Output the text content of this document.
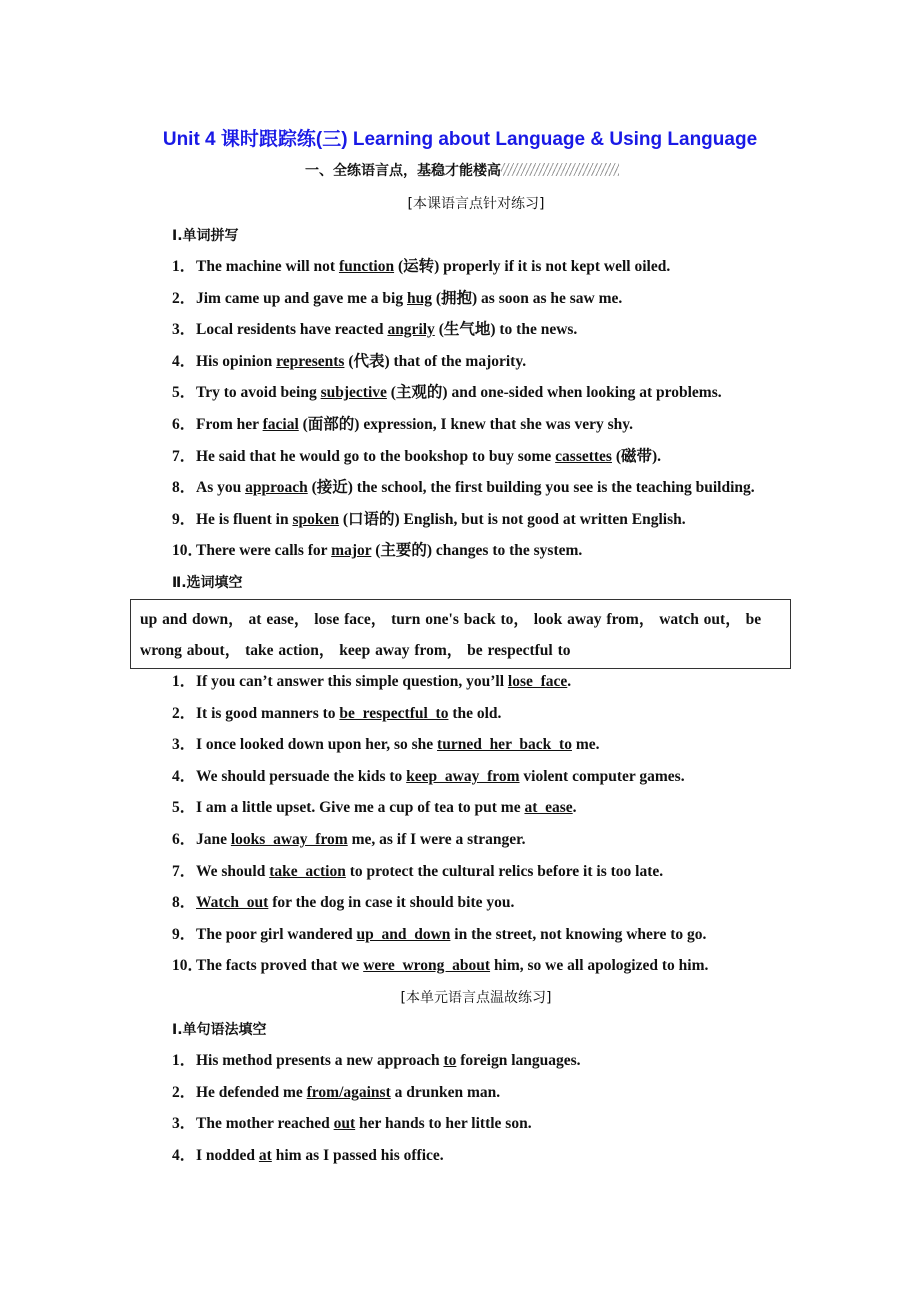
Unit 4 课时跟踪练(三) Learning about Language & Using Language
一、全练语言点，基稳才能楼高
[本课语言点针对练习]
Ⅰ.单词拼写
1．The machine will not function (运转) properly if it is not kept well oiled.
2．Jim came up and gave me a big hug (拥抱) as soon as he saw me.
3．Local residents have reacted angrily (生气地) to the news.
4．His opinion represents (代表) that of the majority.
5．Try to avoid being subjective (主观的) and one-sided when looking at problems.
6．From her facial (面部的) expression, I knew that she was very shy.
7．He said that he would go to the bookshop to buy some cassettes (磁带).
8．As you approach (接近) the school, the first building you see is the teaching building.
9．He is fluent in spoken (口语的) English, but is not good at written English.
10．There were calls for major (主要的) changes to the system.
Ⅱ.选词填空
up and down， at ease， lose face， turn one's back to， look away from， watch out， be
wrong about， take action， keep away from， be respectful to
1．If you can’t answer this simple question, you’ll lose  face.
2．It is good manners to be  respectful  to the old.
3．I once looked down upon her, so she turned  her  back  to me.
4．We should persuade the kids to keep  away  from violent computer games.
5．I am a little upset. Give me a cup of tea to put me at  ease.
6．Jane looks  away  from me, as if I were a stranger.
7．We should take  action to protect the cultural relics before it is too late.
8．Watch  out for the dog in case it should bite you.
9．The poor girl wandered up  and  down in the street, not knowing where to go.
10．The facts proved that we were  wrong  about him, so we all apologized to him.
[本单元语言点温故练习]
Ⅰ.单句语法填空
1．His method presents a new approach to foreign languages.
2．He defended me from/against a drunken man.
3．The mother reached out her hands to her little son.
4．I nodded at him as I passed his office.
